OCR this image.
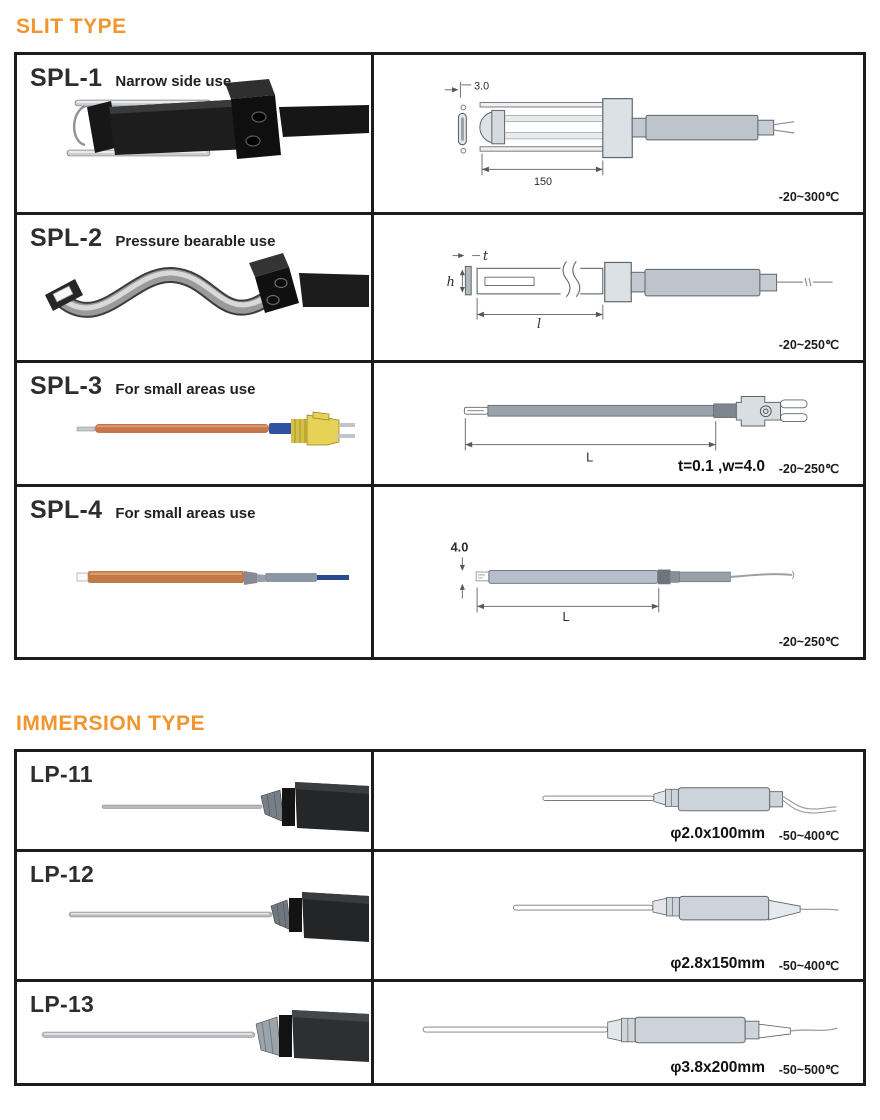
SLIT TYPE
SPL-1 Narrow side use	3.0
150
-20~300℃
SPL-2 Pressure bearable use
t
h
l
-20~250℃
SPL-3 For small areas use
L
t=0.1 ,w=4.0 -20~250℃
SPL-4 For small areas use
4.0
L
-20~250℃
IMMERSION TYPE
LP-11
φ2.0x100mm -50~400℃
LP-12
φ2.8x150mm -50~400℃
LP-13
φ3.8x200mm -50~500℃
